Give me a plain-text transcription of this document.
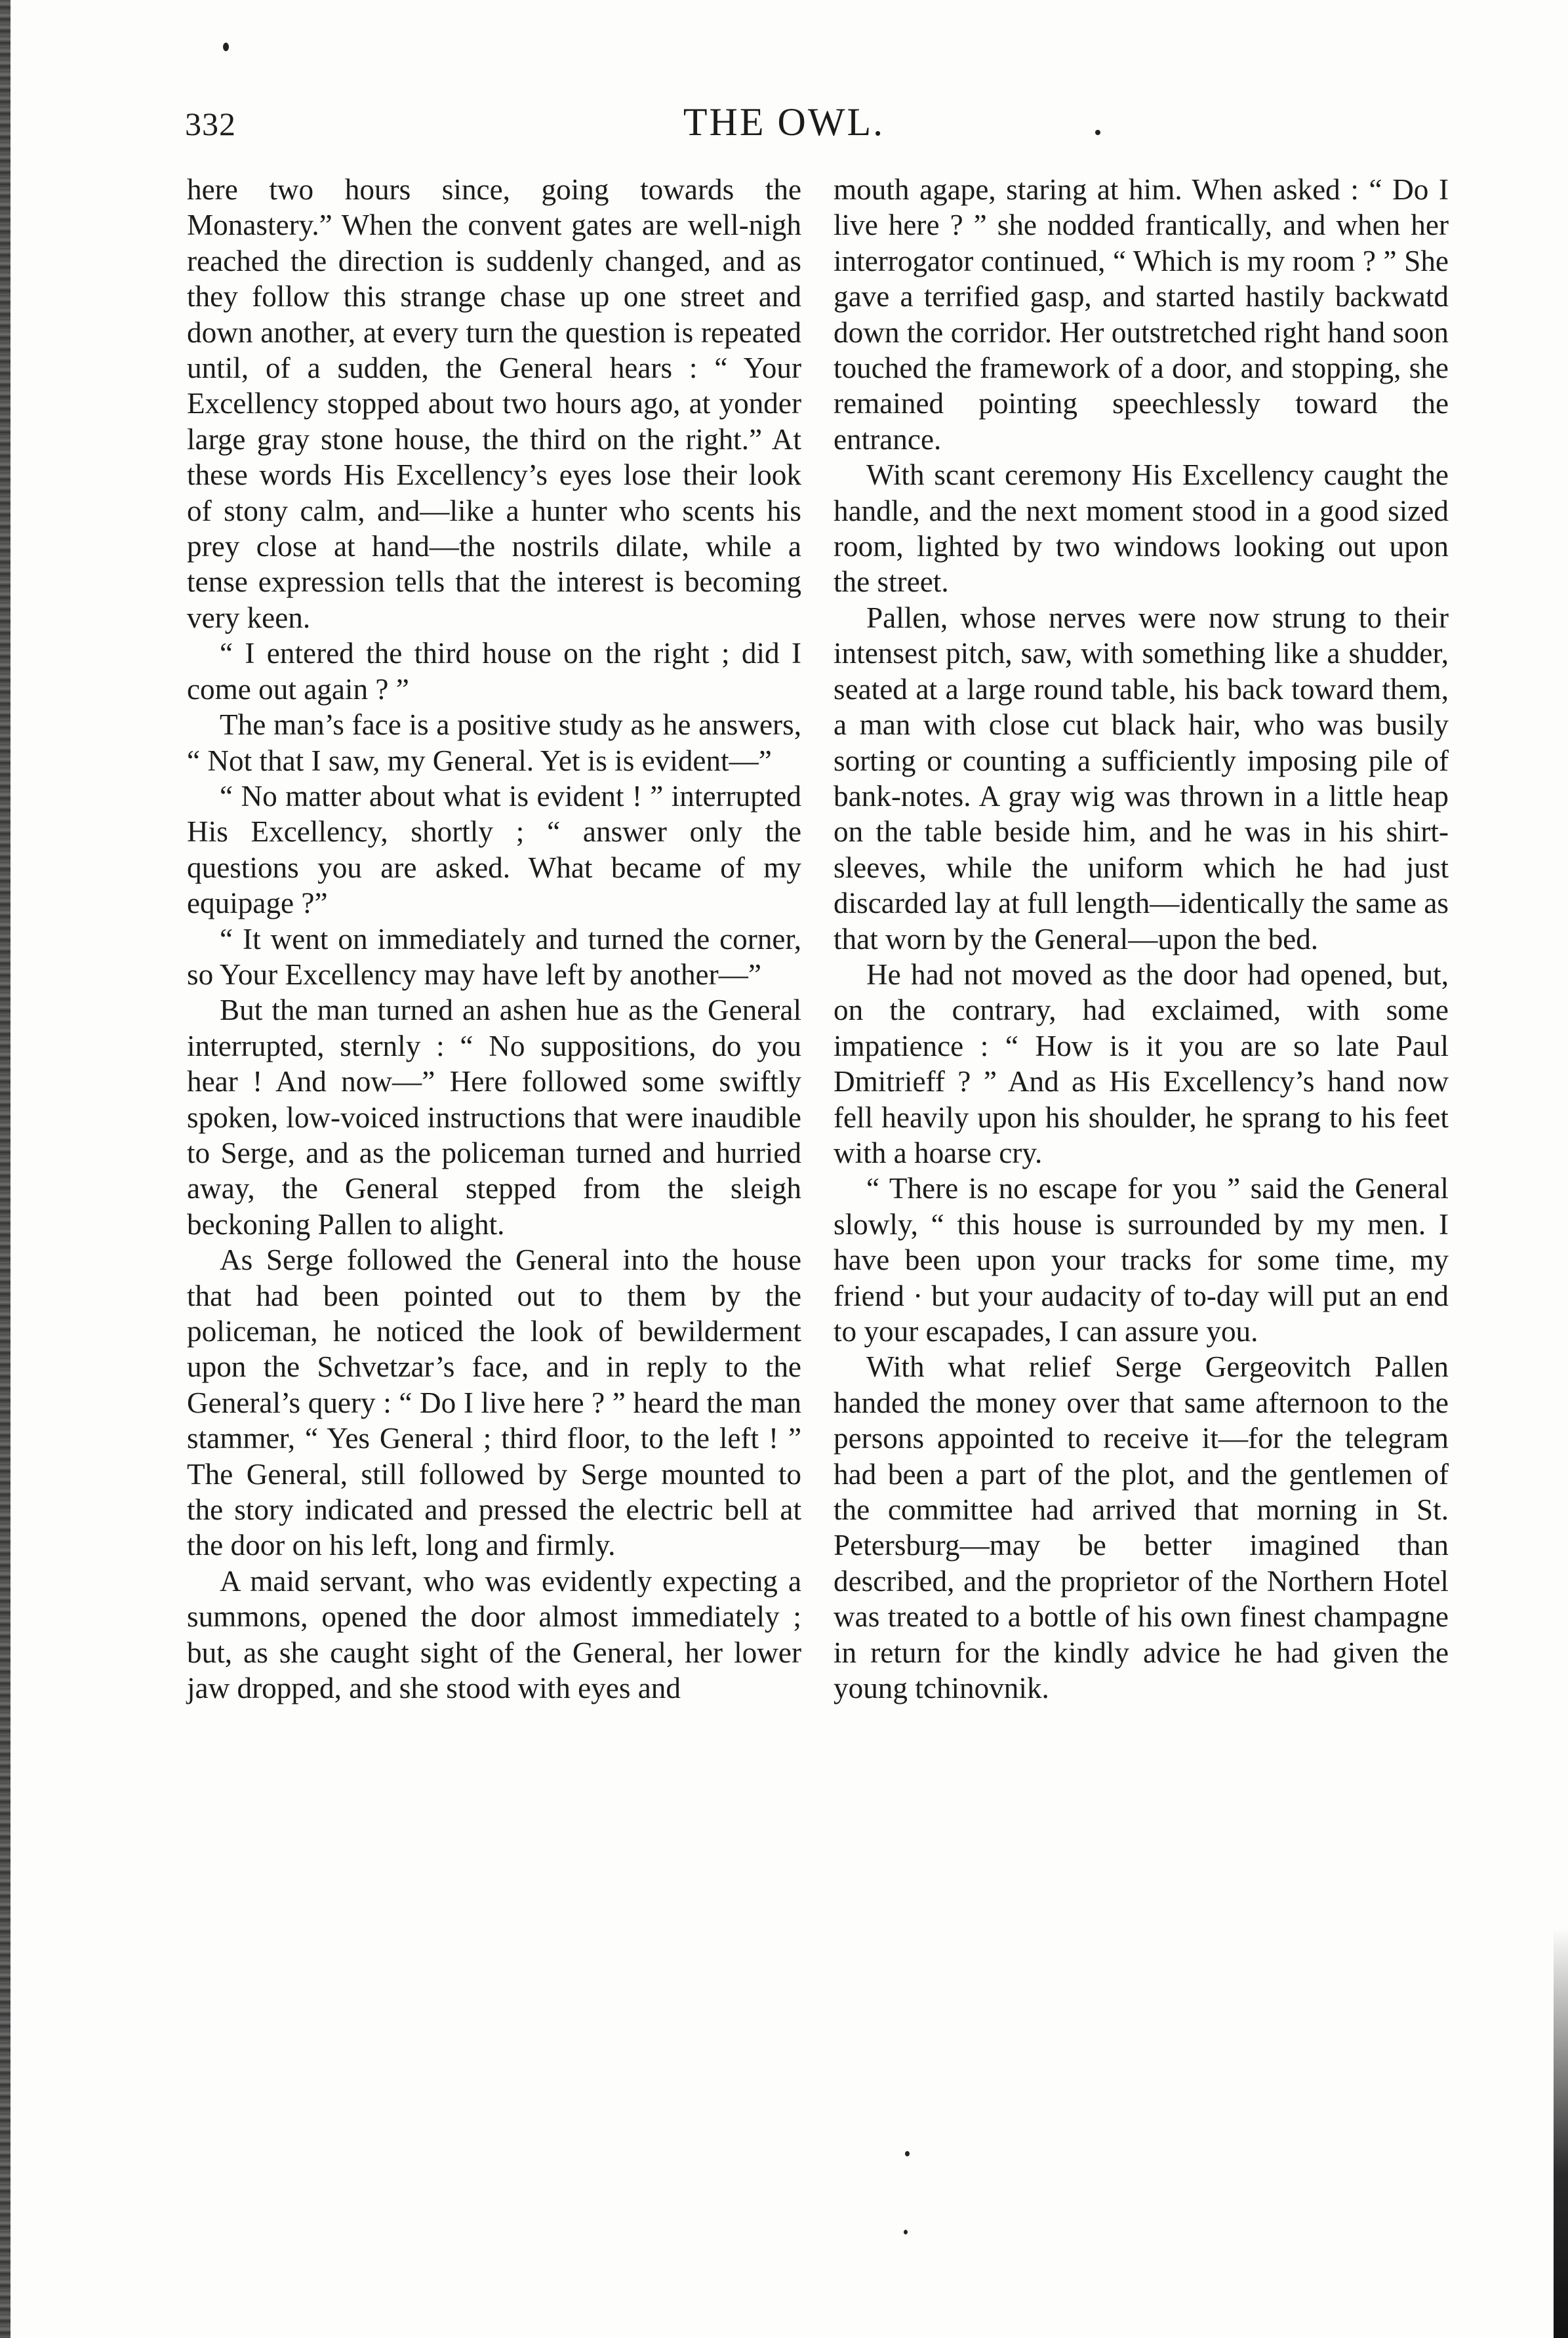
332	THE OWL.

here two hours since, going towards the Monastery.” When the convent gates are well-nigh reached the direction is suddenly changed, and as they follow this strange chase up one street and down another, at every turn the question is repeated until, of a sudden, the General hears : “ Your Excellency stopped about two hours ago, at yonder large gray stone house, the third on the right.” At these words His Excellency’s eyes lose their look of stony calm, and—like a hunter who scents his prey close at hand—the nostrils dilate, while a tense expression tells that the interest is becoming very keen.

“ I entered the third house on the right ; did I come out again ? ”

The man’s face is a positive study as he answers, “ Not that I saw, my General. Yet is is evident—”

“ No matter about what is evident ! ” interrupted His Excellency, shortly ; “ answer only the questions you are asked. What became of my equipage ?”

“ It went on immediately and turned the corner, so Your Excellency may have left by another—”

But the man turned an ashen hue as the General interrupted, sternly : “ No suppositions, do you hear ! And now—” Here followed some swiftly spoken, low-voiced instructions that were inaudible to Serge, and as the policeman turned and hurried away, the General stepped from the sleigh beckoning Pallen to alight.

As Serge followed the General into the house that had been pointed out to them by the policeman, he noticed the look of bewilderment upon the Schvetzar’s face, and in reply to the General’s query : “ Do I live here ? ” heard the man stammer, “ Yes General ; third floor, to the left ! ” The General, still followed by Serge mounted to the story indicated and pressed the electric bell at the door on his left, long and firmly.

A maid servant, who was evidently expecting a summons, opened the door almost immediately ; but, as she caught sight of the General, her lower jaw dropped, and she stood with eyes and

mouth agape, staring at him. When asked : “ Do I live here ? ” she nodded frantically, and when her interrogator continued, “ Which is my room ? ” She gave a terrified gasp, and started hastily backwatd down the corridor. Her outstretched right hand soon touched the framework of a door, and stopping, she remained pointing speechlessly toward the entrance.

With scant ceremony His Excellency caught the handle, and the next moment stood in a good sized room, lighted by two windows looking out upon the street.

Pallen, whose nerves were now strung to their intensest pitch, saw, with something like a shudder, seated at a large round table, his back toward them, a man with close cut black hair, who was busily sorting or counting a sufficiently imposing pile of bank-notes. A gray wig was thrown in a little heap on the table beside him, and he was in his shirt-sleeves, while the uniform which he had just discarded lay at full length—identically the same as that worn by the General—upon the bed.

He had not moved as the door had opened, but, on the contrary, had exclaimed, with some impatience : “ How is it you are so late Paul Dmitrieff ? ” And as His Excellency’s hand now fell heavily upon his shoulder, he sprang to his feet with a hoarse cry.

“ There is no escape for you ” said the General slowly, “ this house is surrounded by my men. I have been upon your tracks for some time, my friend · but your audacity of to-day will put an end to your escapades, I can assure you.

With what relief Serge Gergeovitch Pallen handed the money over that same afternoon to the persons appointed to receive it—for the telegram had been a part of the plot, and the gentlemen of the committee had arrived that morning in St. Petersburg—may be better imagined than described, and the proprietor of the Northern Hotel was treated to a bottle of his own finest champagne in return for the kindly advice he had given the young tchinovnik.
